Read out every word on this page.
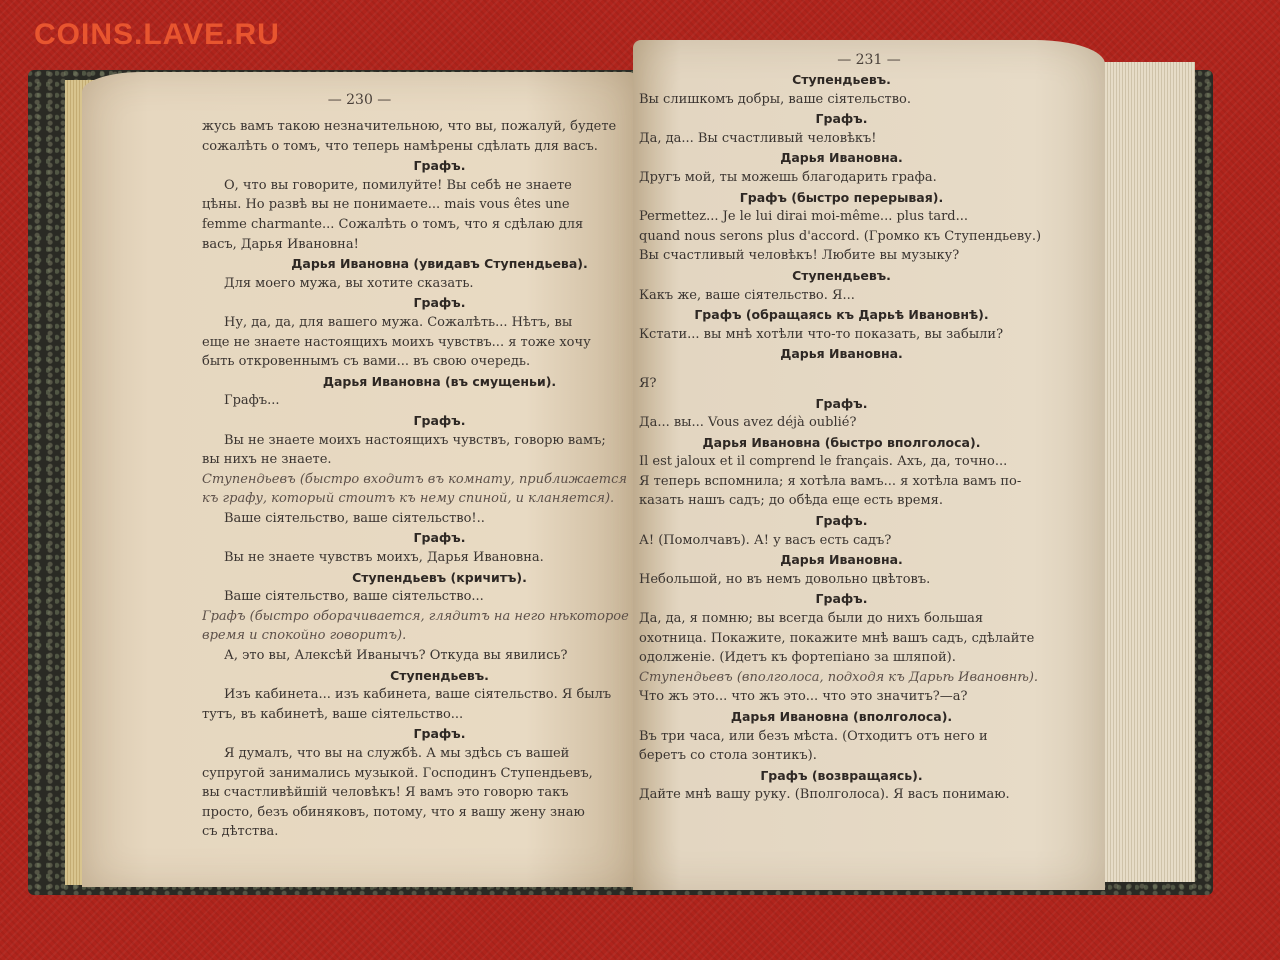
COINS.LAVE.RU
— 230 —
жусь вамъ такою незначительною, что вы, пожалуй, будете
сожалѣть о томъ, что теперь намѣрены сдѣлать для васъ.
Графъ.
О, что вы говорите, помилуйте! Вы себѣ не знаете
цѣны. Но развѣ вы не понимаете... mais vous êtes une
femme charmante... Сожалѣть о томъ, что я сдѣлаю для
васъ, Дарья Ивановна!
Дарья Ивановна (увидавъ Ступендьева).
Для моего мужа, вы хотите сказать.
Графъ.
Ну, да, да, для вашего мужа. Сожалѣть... Нѣтъ, вы
еще не знаете настоящихъ моихъ чувствъ... я тоже хочу
быть откровеннымъ съ вами... въ свою очередь.
Дарья Ивановна (въ смущеньи).
Графъ...
Графъ.
Вы не знаете моихъ настоящихъ чувствъ, говорю вамъ;
вы нихъ не знаете.
Ступендьевъ (быстро входитъ въ комнату, приближается
къ графу, который стоитъ къ нему спиной, и кланяется).
Ваше сіятельство, ваше сіятельство!..
Графъ.
Вы не знаете чувствъ моихъ, Дарья Ивановна.
Ступендьевъ (кричитъ).
Ваше сіятельство, ваше сіятельство...
Графъ (быстро оборачивается, глядитъ на него нѣкоторое
время и спокойно говоритъ).
А, это вы, Алексѣй Иванычъ? Откуда вы явились?
Ступендьевъ.
Изъ кабинета... изъ кабинета, ваше сіятельство. Я былъ
тутъ, въ кабинетѣ, ваше сіятельство...
Графъ.
Я думалъ, что вы на службѣ. А мы здѣсь съ вашей
супругой занимались музыкой. Господинъ Ступендьевъ,
вы счастливѣйшій человѣкъ! Я вамъ это говорю такъ
просто, безъ обиняковъ, потому, что я вашу жену знаю
съ дѣтства.
— 231 —
Ступендьевъ.
Вы слишкомъ добры, ваше сіятельство.
Графъ.
Да, да... Вы счастливый человѣкъ!
Дарья Ивановна.
Другъ мой, ты можешь благодарить графа.
Графъ (быстро перерывая).
Permettez... Je le lui dirai moi-même... plus tard...
quand nous serons plus d'accord. (Громко къ Ступендьеву.)
Вы счастливый человѣкъ! Любите вы музыку?
Ступендьевъ.
Какъ же, ваше сіятельство. Я...
Графъ (обращаясь къ Дарьѣ Ивановнѣ).
Кстати... вы мнѣ хотѣли что-то показать, вы забыли?
Дарья Ивановна.
Я?
Графъ.
Да... вы... Vous avez déjà oublié?
Дарья Ивановна (быстро вполголоса).
Il est jaloux et il comprend le français. Ахъ, да, точно...
Я теперь вспомнила; я хотѣла вамъ... я хотѣла вамъ по-
казать нашъ садъ; до обѣда еще есть время.
Графъ.
А! (Помолчавъ). А! у васъ есть садъ?
Дарья Ивановна.
Небольшой, но въ немъ довольно цвѣтовъ.
Графъ.
Да, да, я помню; вы всегда были до нихъ большая
охотница. Покажите, покажите мнѣ вашъ садъ, сдѣлайте
одолженіе. (Идетъ къ фортепіано за шляпой).
Ступендьевъ (вполголоса, подходя къ Дарьѣ Ивановнѣ).
Что жъ это... что жъ это... что это значитъ?—а?
Дарья Ивановна (вполголоса).
Въ три часа, или безъ мѣста. (Отходитъ отъ него и
беретъ со стола зонтикъ).
Графъ (возвращаясь).
Дайте мнѣ вашу руку. (Вполголоса). Я васъ понимаю.
